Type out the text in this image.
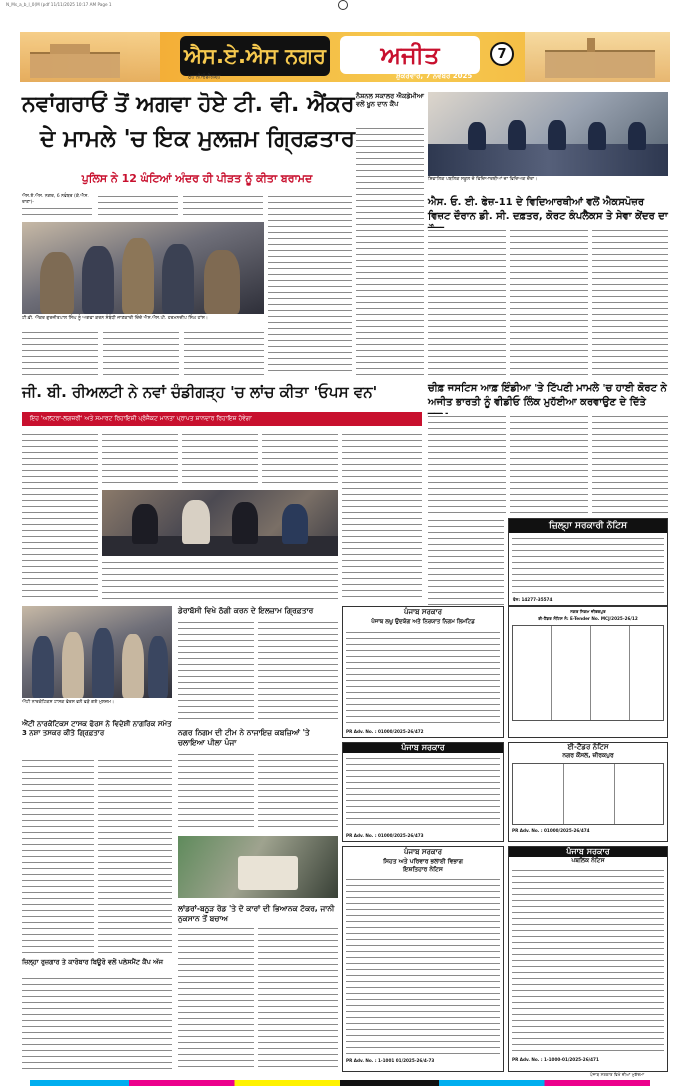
N_Ms_a_b_l_0(M (pdf 11/11/2025 10:17 AM Page 1
ਐਸ.ਏ.ਐਸ ਨਗਰ	ਅਜੀਤ	7
ਮੁਹਾਲੀ/ਚੰਡੀਗੜ੍ਹ	ਸ਼ੁੱਕਰਵਾਰ, 7 ਨਵੰਬਰ 2025
ਨਵਾਂਗਰਾਓਂ ਤੋਂ ਅਗਵਾ ਹੋਏ ਟੀ. ਵੀ. ਐਂਕਰ
ਦੇ ਮਾਮਲੇ 'ਚ ਇਕ ਮੁਲਜ਼ਮ ਗ੍ਰਿਫ਼ਤਾਰ
ਪੁਲਿਸ ਨੇ 12 ਘੰਟਿਆਂ ਅੰਦਰ ਹੀ ਪੀੜਤ ਨੂੰ ਕੀਤਾ ਬਰਾਮਦ
ਐਸ.ਏ.ਐਸ. ਨਗਰ, 6 ਨਵੰਬਰ (ਕੇ.ਐਸ. ਰਾਣਾ)-
ਟੀ.ਵੀ. ਐਂਕਰ ਗੁਰਜੀਤਪਾਲ ਸਿੰਘ ਨੂੰ ਅਗਵਾ ਕਰਨ ਸੰਬੰਧੀ ਜਾਣਕਾਰੀ ਦਿੰਦੇ ਐਸ.ਐਸ.ਪੀ. ਹਰਮਨਦੀਪ ਸਿੰਘ ਹਾਂਸ।
ਨੈਸ਼ਨਲ ਸਕਾਲਰ ਐਕਡੇਮੀਆ ਵਲੋਂ ਖੂਨ ਦਾਨ ਕੈਂਪ
ਸ਼ਿਵਾਲਿਕ ਪਬਲਿਕ ਸਕੂਲ ਦੇ ਵਿਦਿਆਰਥੀਆਂ ਦਾ ਵਿਦਿਅਕ ਦੌਰਾ।
ਐਸ. ਓ. ਈ. ਫੇਜ਼-11 ਦੇ ਵਿਦਿਆਰਥੀਆਂ ਵਲੋਂ ਐਕਸਪੋਜ਼ਰ ਵਿਜ਼ਟ ਦੌਰਾਨ ਡੀ. ਸੀ. ਦਫ਼ਤਰ, ਕੋਰਟ ਕੰਪਲੈਕਸ ਤੇ ਸੇਵਾ ਕੇਂਦਰ ਦਾ
ਜੀ. ਬੀ. ਰੀਅਲਟੀ ਨੇ ਨਵਾਂ ਚੰਡੀਗੜ੍ਹ 'ਚ ਲਾਂਚ ਕੀਤਾ 'ਓਪਸ ਵਨ'
ਇਹ 'ਅਲਟਰਾ-ਲਗਜ਼ਰੀ' ਅਤੇ ਸਮਾਰਟ ਰਿਹਾਇਸ਼ੀ ਪ੍ਰੋਜੈਕਟ ਮਾਨਤਾ ਪ੍ਰਾਪਤ ਸ਼ਾਨਦਾਰ ਰਿਹਾਇਸ਼ ਹੋਵੇਗਾ
ਚੀਫ਼ ਜਸਟਿਸ ਆਫ਼ ਇੰਡੀਆ 'ਤੇ ਟਿੱਪਣੀ ਮਾਮਲੇ 'ਚ ਹਾਈ ਕੋਰਟ ਨੇ ਅਜੀਤ ਭਾਰਤੀ ਨੂੰ ਵੀਡੀਓ ਲਿੰਕ ਮੁਹੱਈਆ ਕਰਵਾਉਣ ਦੇ ਦਿੱਤੇ
ਜ਼ਿਲ੍ਹਾ ਸਰਕਾਰੀ ਨੋਟਿਸ
ਫੋਨ: 14277-35574
ਐਂਟੀ ਨਾਰਕੋਟਿਕਸ ਟਾਸਕ ਫੋਰਸ ਵਲੋਂ ਫੜੇ ਗਏ ਮੁਲਜ਼ਮ।
ਐਂਟੀ ਨਾਰਕੋਟਿਕਸ ਟਾਸਕ ਫੋਰਸ ਨੇ ਵਿਦੇਸ਼ੀ ਨਾਗਰਿਕ ਸਮੇਤ 3 ਨਸ਼ਾ ਤਸਕਰ ਕੀਤੇ ਗ੍ਰਿਫ਼ਤਾਰ
ਡੇਰਾਬੱਸੀ ਵਿਖੇ ਠੱਗੀ ਕਰਨ ਦੇ ਇਲਜ਼ਾਮ ਗ੍ਰਿਫ਼ਤਾਰ
ਨਗਰ ਨਿਗਮ ਦੀ ਟੀਮ ਨੇ ਨਾਜਾਇਜ਼ ਕਬਜ਼ਿਆਂ 'ਤੇ ਚਲਾਇਆ ਪੀਲਾ ਪੰਜਾ
ਜ਼ਿਲ੍ਹਾ ਰੁਜ਼ਗਾਰ ਤੇ ਕਾਰੋਬਾਰ ਬਿਊਰੋ ਵਲੋਂ ਪਲੇਸਮੈਂਟ ਕੈਂਪ ਅੱਜ
ਲਾਂਡਰਾਂ-ਬਨੂੜ ਰੋਡ 'ਤੇ ਦੋ ਕਾਰਾਂ ਦੀ ਭਿਆਨਕ ਟੱਕਰ, ਜਾਨੀ ਨੁਕਸਾਨ ਤੋਂ ਬਚਾਅ
ਪੰਜਾਬ ਸਰਕਾਰ
ਪੰਜਾਬ ਲਘੂ ਉਦਯੋਗ ਅਤੇ ਨਿਰਯਾਤ ਨਿਗਮ ਲਿਮਟਿਡ
PR Adv. No. : 01000/2025-26/472
ਨਗਰ ਨਿਗਮ ਜ਼ੀਰਕਪੁਰ
ਈ-ਟੈਂਡਰ ਨੋਟਿਸ ਨੰ: E-Tender No. MCJ/2025-26/12
ਪੰਜਾਬ ਸਰਕਾਰ
PR Adv. No. : 01000/2025-26/473
ਈ-ਟੈਂਡਰ ਨੋਟਿਸ
ਨਗਰ ਕੌਂਸਲ, ਜ਼ੀਰਕਪੁਰ
PR Adv. No. : 01000/2025-26/474
ਪੰਜਾਬ ਸਰਕਾਰ
ਸਿਹਤ ਅਤੇ ਪਰਿਵਾਰ ਭਲਾਈ ਵਿਭਾਗ
ਇਸ਼ਤਿਹਾਰ ਨੋਟਿਸ
PR Adv. No. : 1-1001 01/2025-26/4-73
ਪੰਜਾਬ ਸਰਕਾਰ
ਪਬਲਿਕ ਨੋਟਿਸ
PR Adv. No. : 1-1000-01/2025-26/471
ਪੰਜਾਬ ਸਰਕਾਰ ਵਿਖੇ ਦੀਆਂ ਮੁਕੱਦਮਾ
